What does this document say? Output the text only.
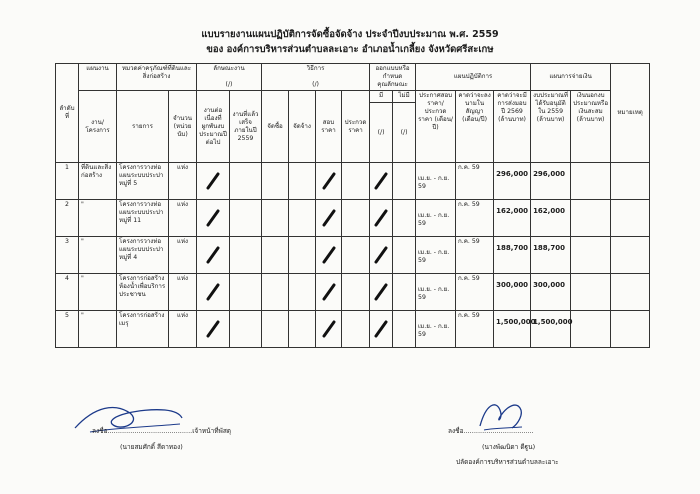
แบบรายงานแผนปฏิบัติการจัดซื้อจัดจ้าง ประจำปีงบประมาณ พ.ศ. 2559
ของ องค์การบริหารส่วนตำบลละเอาะ อำเภอน้ำเกลี้ยง จังหวัดศรีสะเกษ
ลำดับที่	แผนงาน	หมวดค่าครุภัณฑ์ที่ดินและสิ่งก่อสร้าง		ลักษณะงาน

(/)		วิธีการ

(/)				ออกแบบหรือกำหนดคุณลักษณะ		แผนปฏิบัติการ			แผนการจ่ายเงิน		หมายเหตุ
	งาน/โครงการ	รายการ	จำนวน (หน่วยนับ)	งานต่อเนื่องที่ผูกพันงบประมาณปีต่อไป	งานที่แล้วเสร็จภายในปี 2559	จัดซื้อ	จัดจ้าง	สอบราคา	ประกวดราคา	มี	ไม่มี	ประกาศสอบราคา/ประกวดราคา (เดือน/ปี)	คาดว่าจะลงนามในสัญญา (เดือน/ปี)	คาดว่าจะมีการส่งมอบปี 2569 (ล้านบาท)	งบประมาณที่ได้รับอนุมัติใน 2559 (ล้านบาท)	เงินนอกงบประมาณหรือเงินสะสม (ล้านบาท)	
										(/)	(/)						
1	ที่ดินและสิ่งก่อสร้าง	โครงการวางท่อแผนระบบประปา หมู่ที่ 5	แห่ง									เม.ย. - ก.ย. 59	ก.ค. 59	296,000	296,000		
2	"	โครงการวางท่อแผนระบบประปา หมู่ที่ 11	แห่ง									เม.ย. - ก.ย. 59	ก.ค. 59	162,000	162,000		
3	"	โครงการวางท่อแผนระบบประปา หมู่ที่ 4	แห่ง									เม.ย. - ก.ย. 59	ก.ค. 59	188,700	188,700		
4	"	โครงการก่อสร้างห้องน้ำเพื่อบริการประชาชน	แห่ง									เม.ย. - ก.ย. 59	ก.ค. 59	300,000	300,000		
5	"	โครงการก่อสร้างเมรุ	แห่ง									เม.ย. - ก.ย. 59	ก.ค. 59	1,500,000	1,500,000		
ลงชื่อ.........................................เจ้าหน้าที่พัสดุ
(นายสมศักดิ์ สีดาทอง)
ลงชื่อ..................................
(นางพัฒนิดา ดีฐูน)
ปลัดองค์การบริหารส่วนตำบลละเอาะ
